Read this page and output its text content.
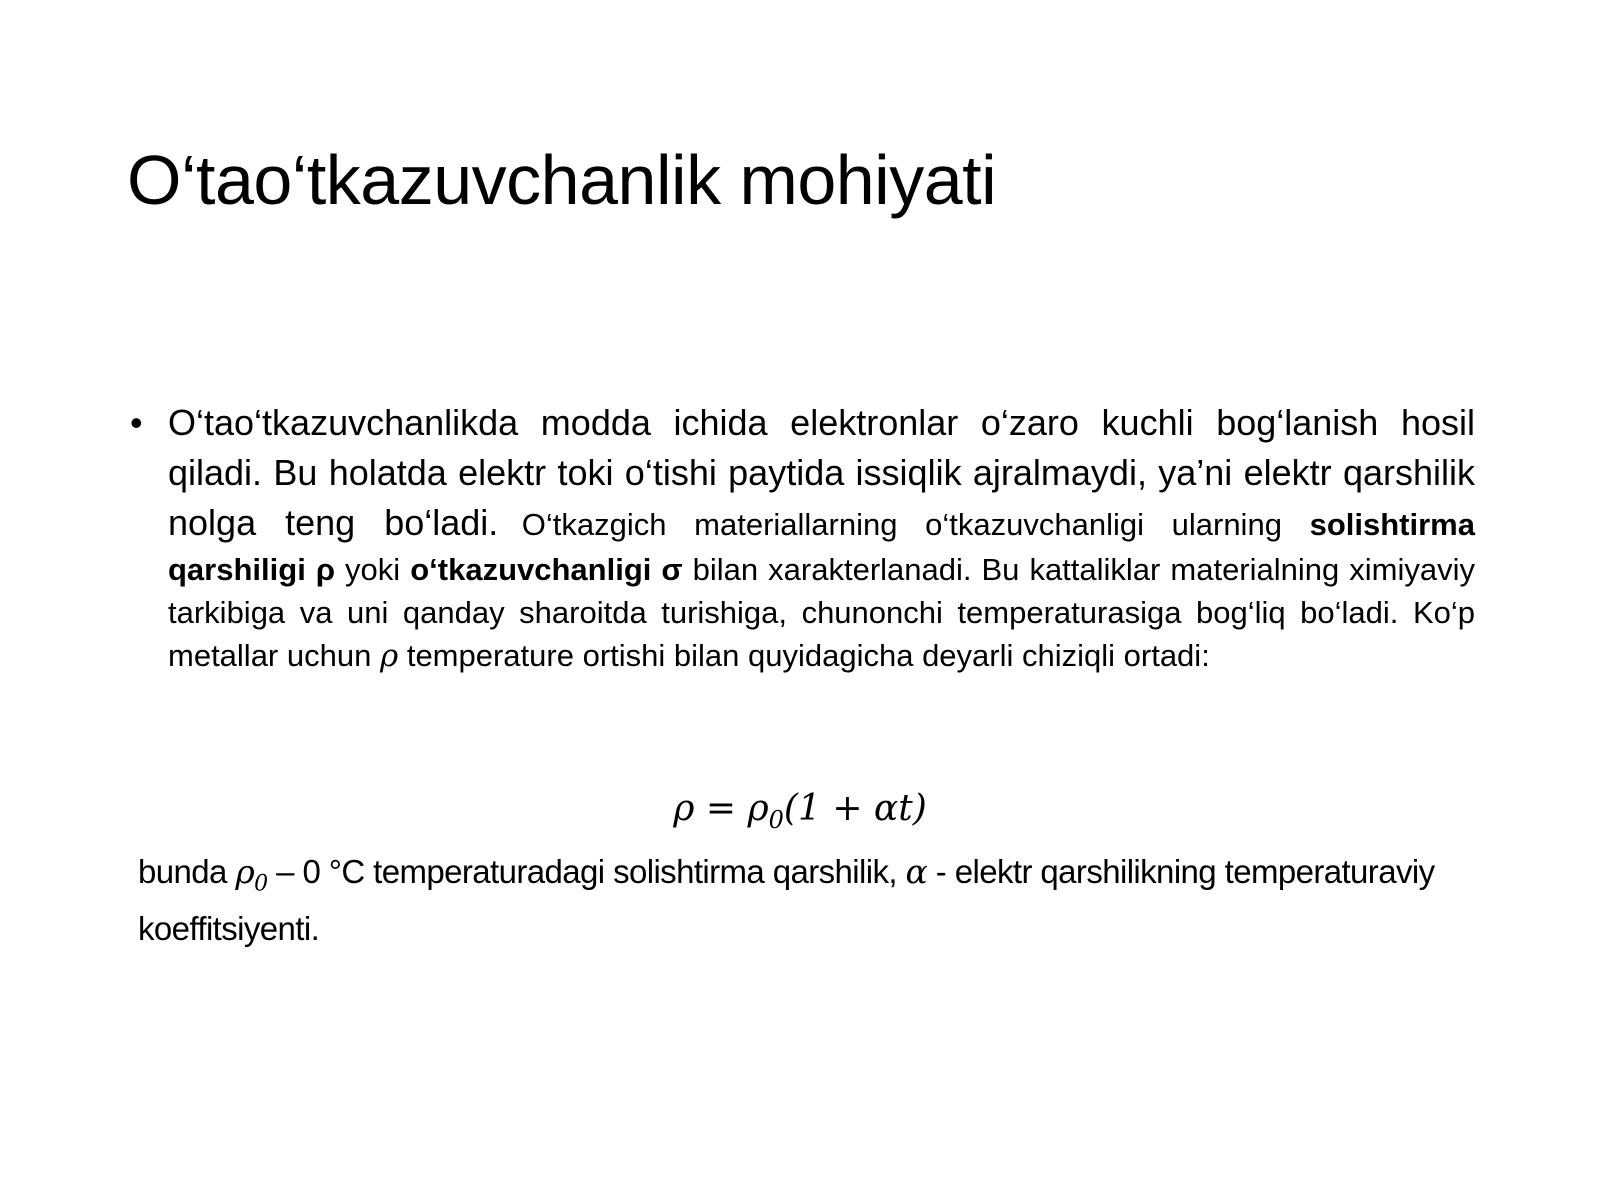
O‘tao‘tkazuvchanlik mohiyati
• O‘tao‘tkazuvchanlikda modda ichida elektronlar o‘zaro kuchli bog‘lanish hosil qiladi. Bu holatda elektr toki o‘tishi paytida issiqlik ajralmaydi, ya’ni elektr qarshilik nolga teng bo‘ladi. O‘tkazgich materiallarning o‘tkazuvchanligi ularning solishtirma qarshiligi ρ yoki o‘tkazuvchanligi σ bilan xarakterlanadi. Bu kattaliklar materialning ximiyaviy tarkibiga va uni qanday sharoitda turishiga, chunonchi temperaturasiga bog‘liq bo‘ladi. Ko‘p metallar uchun ρ temperature ortishi bilan quyidagicha deyarli chiziqli ortadi:
$\rho = \rho_0(1 + \alpha t)$
bunda $\rho_0 - 0$ °C temperaturadagi solishtirma qarshilik, α - elektr qarshilikning temperaturaviy koeffitsiyenti.
